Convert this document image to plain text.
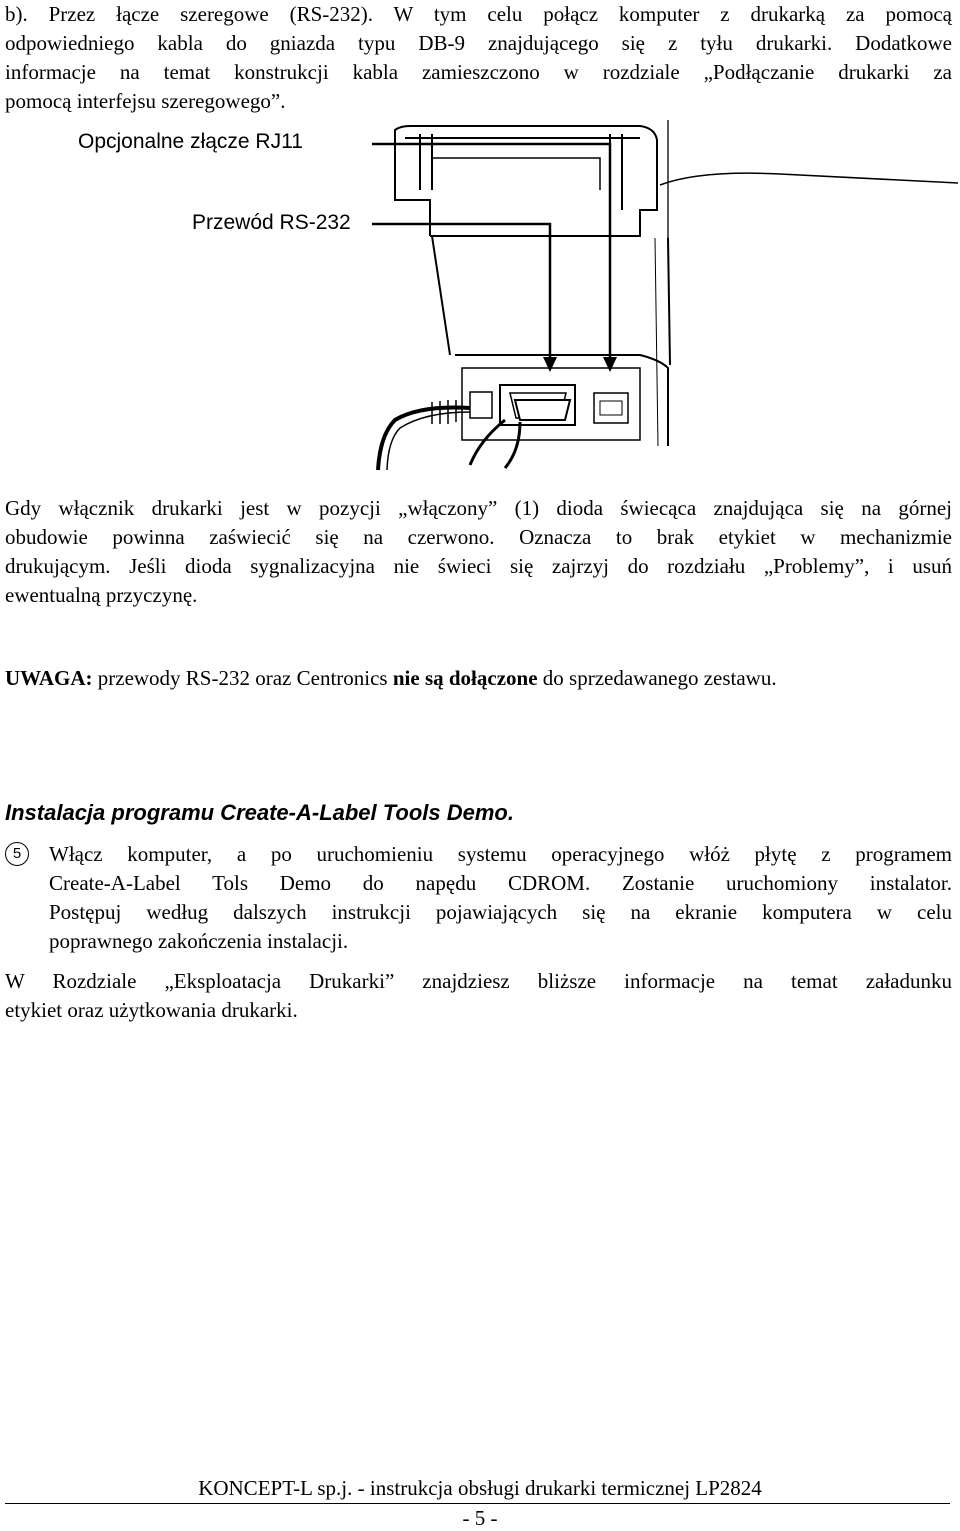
b). Przez łącze szeregowe (RS-232). W tym celu połącz komputer z drukarką za pomocą
odpowiedniego kabla do gniazda typu DB-9 znajdującego się z tyłu drukarki. Dodatkowe
informacje na temat konstrukcji kabla zamieszczono w rozdziale „Podłączanie drukarki za
pomocą interfejsu szeregowego”.
Opcjonalne złącze RJ11
Przewód RS-232
Gdy włącznik drukarki jest w pozycji „włączony” (1) dioda świecąca znajdująca się na górnej
obudowie powinna zaświecić się na czerwono. Oznacza to brak etykiet w mechanizmie
drukującym. Jeśli dioda sygnalizacyjna nie świeci się zajrzyj do rozdziału „Problemy”, i usuń
ewentualną przyczynę.
UWAGA: przewody RS-232 oraz Centronics nie są dołączone do sprzedawanego zestawu.
Instalacja programu Create-A-Label Tools Demo.
5	Włącz komputer, a po uruchomieniu systemu operacyjnego włóż płytę z programem
Create-A-Label Tols Demo do napędu CDROM. Zostanie uruchomiony instalator.
Postępuj według dalszych instrukcji pojawiających się na ekranie komputera w celu
poprawnego zakończenia instalacji.
W Rozdziale „Eksploatacja Drukarki” znajdziesz bliższe informacje na temat załadunku
etykiet oraz użytkowania drukarki.
KONCEPT-L sp.j. - instrukcja obsługi drukarki termicznej LP2824
- 5 -
